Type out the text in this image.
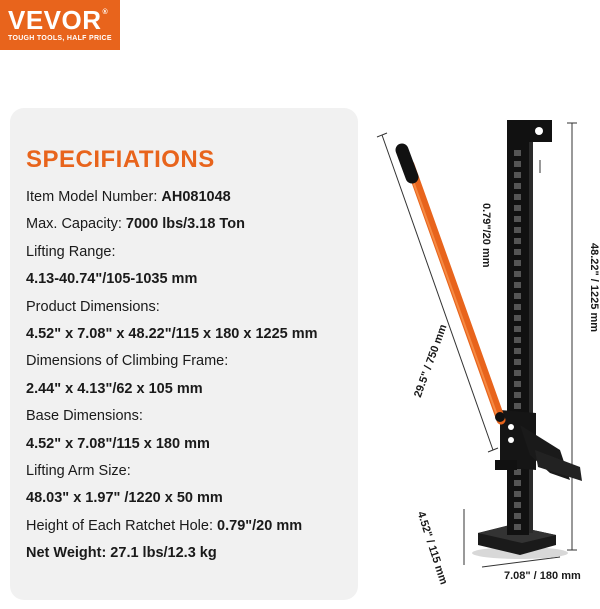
VEVOR ®
TOUGH TOOLS, HALF PRICE
SPECIFIATIONS
Item Model Number: AH081048
Max. Capacity: 7000 lbs/3.18 Ton
Lifting Range:
4.13-40.74"/105-1035 mm
Product Dimensions:
4.52" x 7.08" x 48.22"/115 x 180 x 1225 mm
Dimensions of Climbing Frame:
2.44" x 4.13"/62 x 105 mm
Base Dimensions:
4.52" x 7.08"/115 x 180 mm
Lifting Arm Size:
48.03" x 1.97" /1220 x 50 mm
Height of Each Ratchet Hole: 0.79"/20 mm
Net Weight: 27.1 lbs/12.3 kg
0.79"/20 mm
48.22" / 1225 mm
29.5" / 750 mm
4.52" / 115 mm	7.08" / 180 mm
